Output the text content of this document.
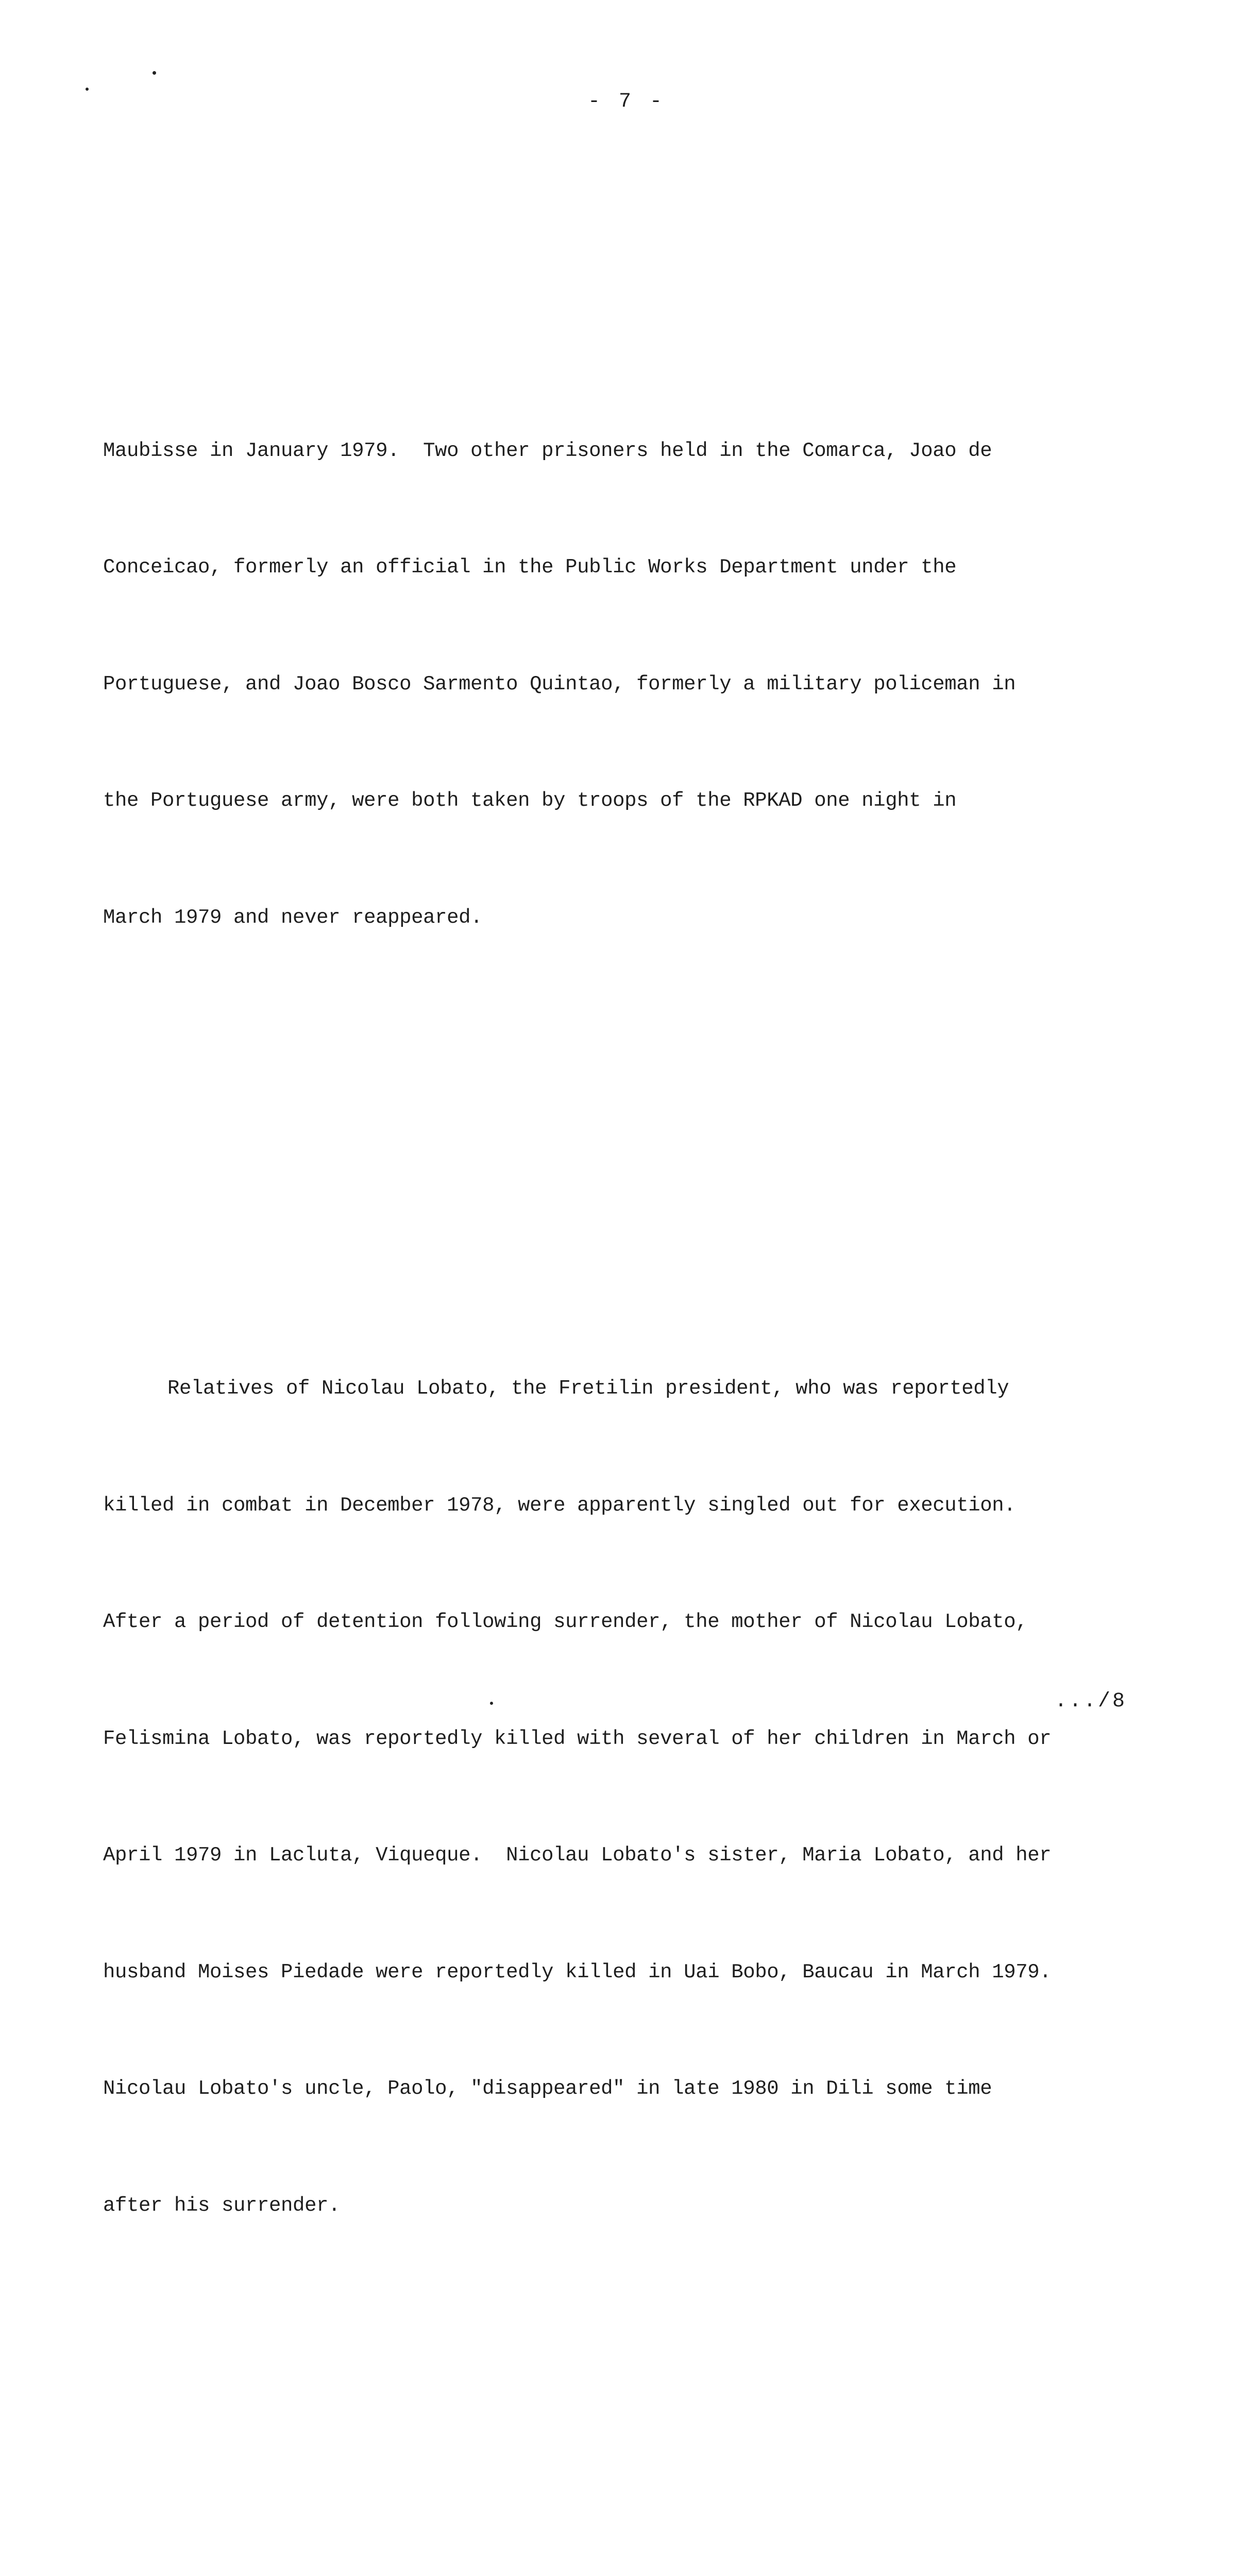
- 7 -

Maubisse in January 1979.  Two other prisoners held in the Comarca, Joao de

Conceicao, formerly an official in the Public Works Department under the

Portuguese, and Joao Bosco Sarmento Quintao, formerly a military policeman in

the Portuguese army, were both taken by troops of the RPKAD one night in

March 1979 and never reappeared.

Relatives of Nicolau Lobato, the Fretilin president, who was reportedly

killed in combat in December 1978, were apparently singled out for execution.

After a period of detention following surrender, the mother of Nicolau Lobato,

Felismina Lobato, was reportedly killed with several of her children in March or

April 1979 in Lacluta, Viqueque.  Nicolau Lobato's sister, Maria Lobato, and her

husband Moises Piedade were reportedly killed in Uai Bobo, Baucau in March 1979.

Nicolau Lobato's uncle, Paolo, "disappeared" in late 1980 in Dili some time

after his surrender.

.../8
